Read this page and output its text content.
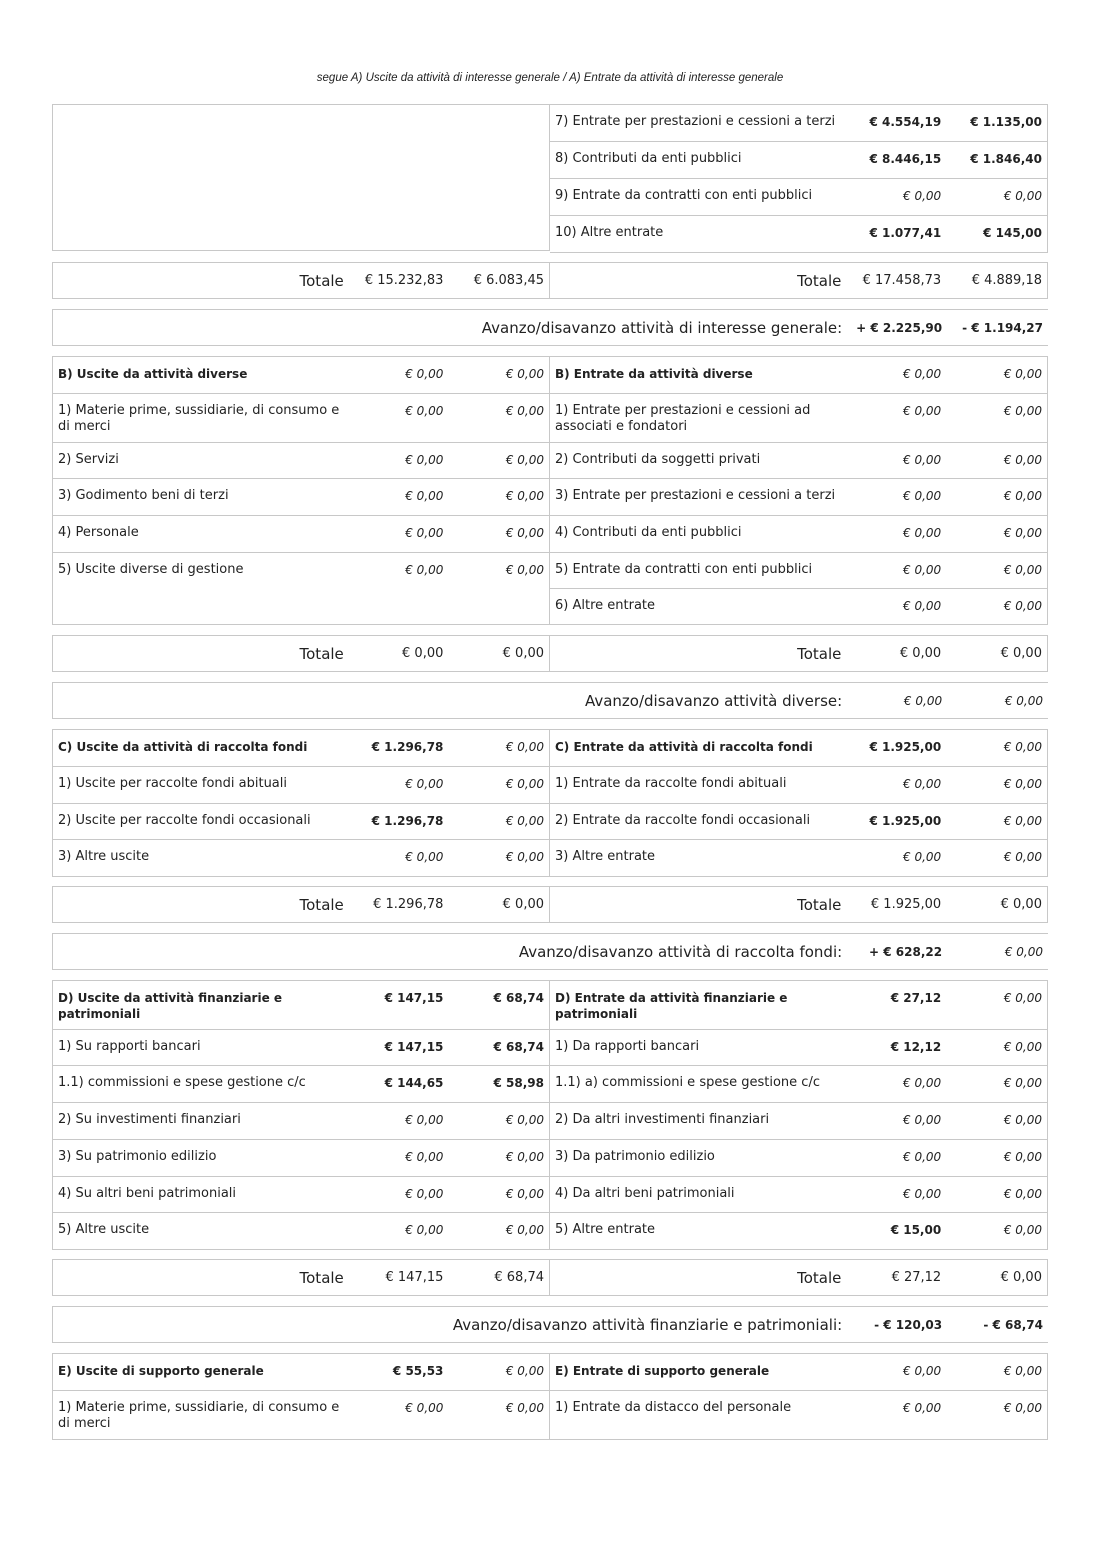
segue A) Uscite da attività di interesse generale / A) Entrate da attività di interesse generale
7) Entrate per prestazioni e cessioni a terzi	€ 4.554,19	€ 1.135,00
8) Contributi da enti pubblici	€ 8.446,15	€ 1.846,40
9) Entrate da contratti con enti pubblici	€ 0,00	€ 0,00
10) Altre entrate	€ 1.077,41	€ 145,00
Totale	€ 15.232,83	€ 6.083,45	Totale	€ 17.458,73	€ 4.889,18
Avanzo/disavanzo attività di interesse generale:	+ € 2.225,90	- € 1.194,27
B) Uscite da attività diverse	€ 0,00	€ 0,00
1) Materie prime, sussidiarie, di consumo e di merci
€ 0,00	€ 0,00
2) Servizi	€ 0,00	€ 0,00
3) Godimento beni di terzi	€ 0,00	€ 0,00
4) Personale	€ 0,00	€ 0,00
5) Uscite diverse di gestione	€ 0,00	€ 0,00
B) Entrate da attività diverse	€ 0,00	€ 0,00
1) Entrate per prestazioni e cessioni ad associati e fondatori
€ 0,00	€ 0,00
2) Contributi da soggetti privati	€ 0,00	€ 0,00
3) Entrate per prestazioni e cessioni a terzi	€ 0,00	€ 0,00
4) Contributi da enti pubblici	€ 0,00	€ 0,00
5) Entrate da contratti con enti pubblici	€ 0,00	€ 0,00
6) Altre entrate	€ 0,00	€ 0,00
Totale	€ 0,00	€ 0,00	Totale	€ 0,00	€ 0,00
Avanzo/disavanzo attività diverse:	€ 0,00	€ 0,00
C) Uscite da attività di raccolta fondi	€ 1.296,78	€ 0,00
1) Uscite per raccolte fondi abituali	€ 0,00	€ 0,00
2) Uscite per raccolte fondi occasionali	€ 1.296,78	€ 0,00
3) Altre uscite	€ 0,00	€ 0,00
C) Entrate da attività di raccolta fondi	€ 1.925,00	€ 0,00
1) Entrate da raccolte fondi abituali	€ 0,00	€ 0,00
2) Entrate da raccolte fondi occasionali	€ 1.925,00	€ 0,00
3) Altre entrate	€ 0,00	€ 0,00
Totale	€ 1.296,78	€ 0,00	Totale	€ 1.925,00	€ 0,00
Avanzo/disavanzo attività di raccolta fondi:	+ € 628,22	€ 0,00
D) Uscite da attività finanziarie e patrimoniali
€ 147,15	€ 68,74
1) Su rapporti bancari	€ 147,15	€ 68,74
1.1) commissioni e spese gestione c/c	€ 144,65	€ 58,98
2) Su investimenti finanziari	€ 0,00	€ 0,00
3) Su patrimonio edilizio	€ 0,00	€ 0,00
4) Su altri beni patrimoniali	€ 0,00	€ 0,00
5) Altre uscite	€ 0,00	€ 0,00
D) Entrate da attività finanziarie e patrimoniali
€ 27,12	€ 0,00
1) Da rapporti bancari	€ 12,12	€ 0,00
1.1) a) commissioni e spese gestione c/c	€ 0,00	€ 0,00
2) Da altri investimenti finanziari	€ 0,00	€ 0,00
3) Da patrimonio edilizio	€ 0,00	€ 0,00
4) Da altri beni patrimoniali	€ 0,00	€ 0,00
5) Altre entrate	€ 15,00	€ 0,00
Totale	€ 147,15	€ 68,74	Totale	€ 27,12	€ 0,00
Avanzo/disavanzo attività finanziarie e patrimoniali:	- € 120,03	- € 68,74
E) Uscite di supporto generale	€ 55,53	€ 0,00
1) Materie prime, sussidiarie, di consumo e di merci
€ 0,00	€ 0,00
E) Entrate di supporto generale	€ 0,00	€ 0,00
1) Entrate da distacco del personale	€ 0,00	€ 0,00
